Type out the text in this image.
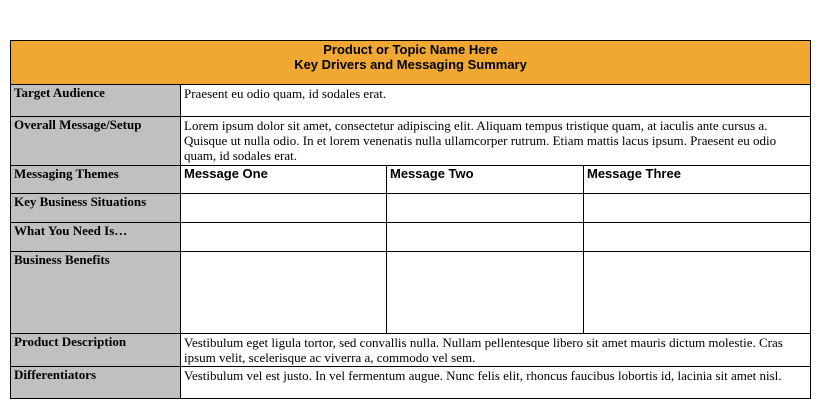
Product or Topic Name Here
Key Drivers and Messaging Summary			

Target Audience	Praesent eu odio quam, id sodales erat.		
Overall Message/Setup	Lorem ipsum dolor sit amet, consectetur adipiscing elit. Aliquam tempus tristique quam, at iaculis ante cursus a. Quisque ut nulla odio. In et lorem venenatis nulla ullamcorper rutrum. Etiam mattis lacus ipsum. Praesent eu odio quam, id sodales erat.		
Messaging Themes	Message One	Message Two	Message Three
Key Business Situations			
What You Need Is…			
Business Benefits			
Product Description	Vestibulum eget ligula tortor, sed convallis nulla. Nullam pellentesque libero sit amet mauris dictum molestie. Cras ipsum velit, scelerisque ac viverra a, commodo vel sem.		
Differentiators	Vestibulum vel est justo. In vel fermentum augue. Nunc felis elit, rhoncus faucibus lobortis id, lacinia sit amet nisl.		
